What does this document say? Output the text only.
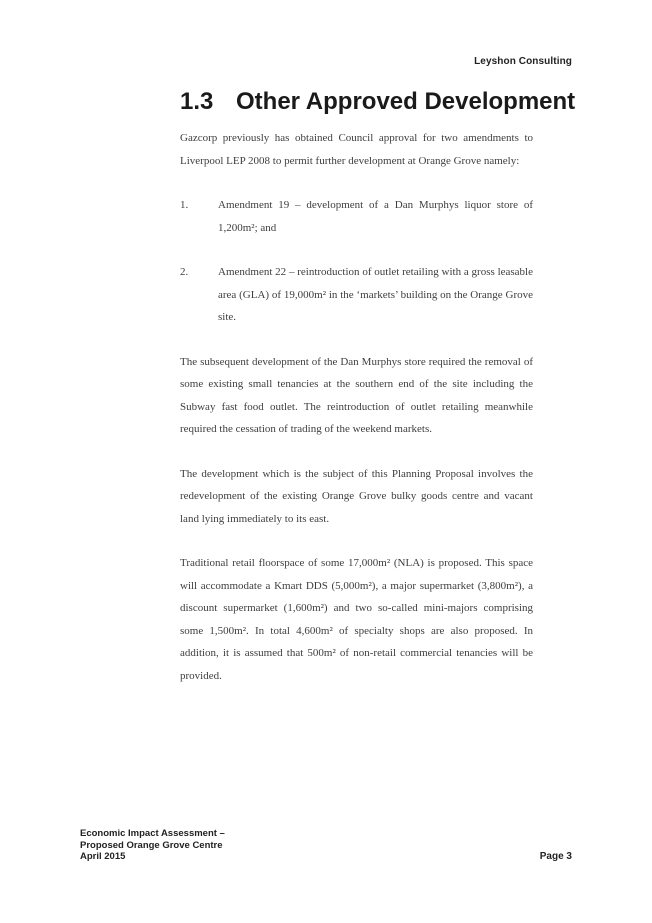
Leyshon Consulting
1.3 Other Approved Development

Gazcorp previously has obtained Council approval for two amendments to Liverpool LEP 2008 to permit further development at Orange Grove namely:

1.	Amendment 19 – development of a Dan Murphys liquor store of 1,200m²; and
2.	Amendment 22 – reintroduction of outlet retailing with a gross leasable area (GLA) of 19,000m² in the ‘markets’ building on the Orange Grove site.

The subsequent development of the Dan Murphys store required the removal of some existing small tenancies at the southern end of the site including the Subway fast food outlet. The reintroduction of outlet retailing meanwhile required the cessation of trading of the weekend markets.

The development which is the subject of this Planning Proposal involves the redevelopment of the existing Orange Grove bulky goods centre and vacant land lying immediately to its east.

Traditional retail floorspace of some 17,000m² (NLA) is proposed. This space will accommodate a Kmart DDS (5,000m²), a major supermarket (3,800m²), a discount supermarket (1,600m²) and two so-called mini-majors comprising some 1,500m². In total 4,600m² of specialty shops are also proposed. In addition, it is assumed that 500m² of non-retail commercial tenancies will be provided.

Economic Impact Assessment –
Proposed Orange Grove Centre
April 2015	Page 3
